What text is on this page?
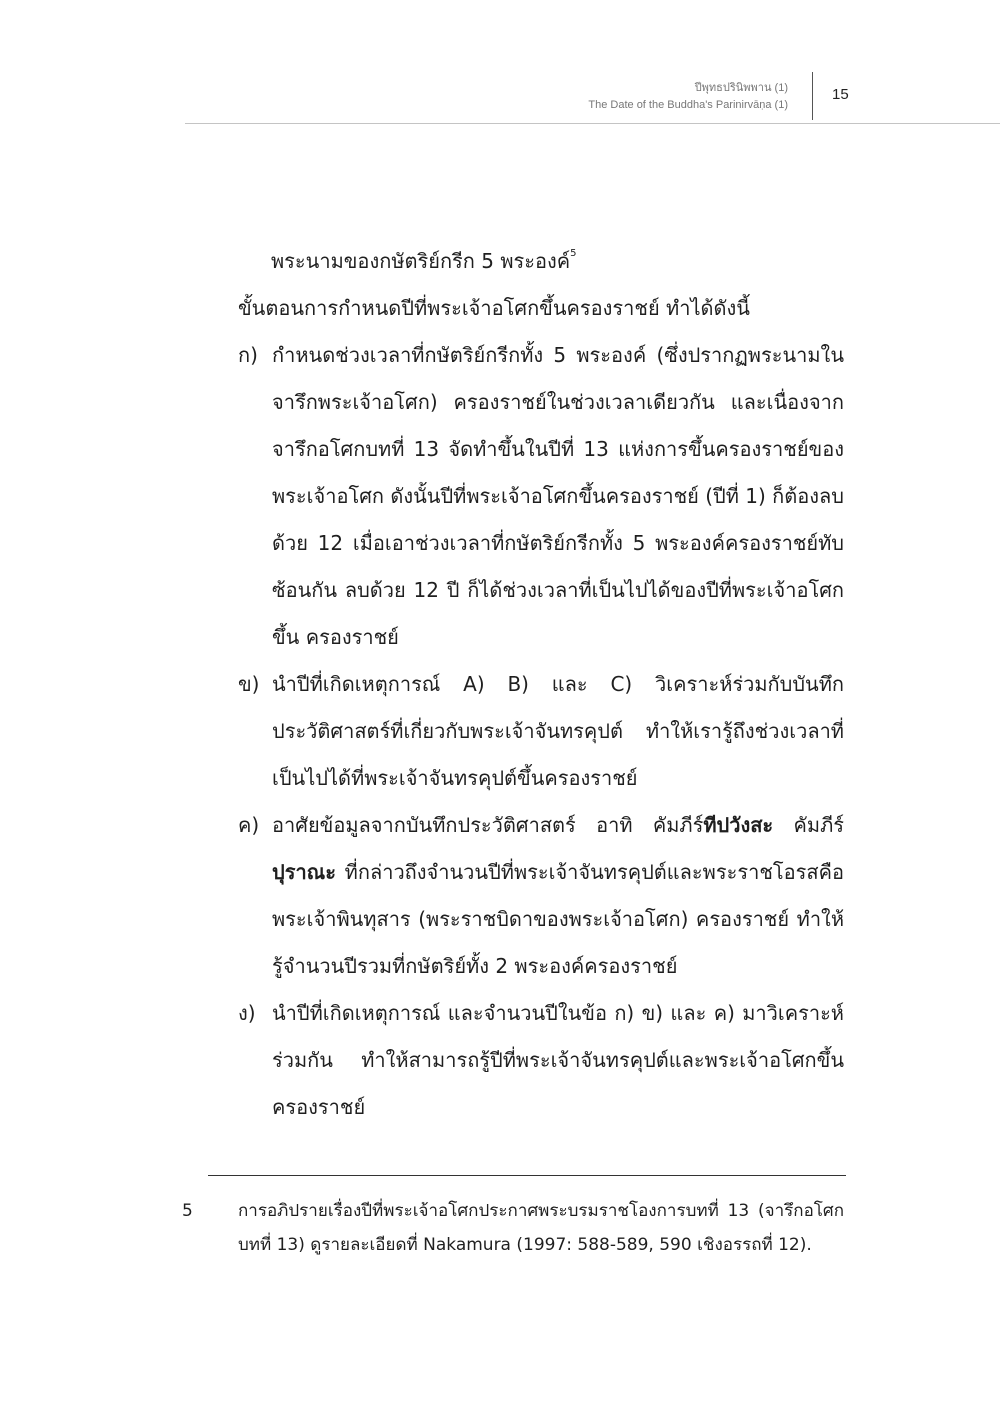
ปีพุทธปรินิพพาน (1)
The Date of the Buddha's Parinirvāṇa (1)
15

พระนามของกษัตริย์กรีก 5 พระองค์$^5$

ขั้นตอนการกำหนดปีที่พระเจ้าอโศกขึ้นครองราชย์ ทำได้ดังนี้

ก) กำหนดช่วงเวลาที่กษัตริย์กรีกทั้ง 5 พระองค์ (ซึ่งปรากฏพระนามในจารึกพระเจ้าอโศก) ครองราชย์ในช่วงเวลาเดียวกัน และเนื่องจากจารึกอโศกบทที่ 13 จัดทำขึ้นในปีที่ 13 แห่งการขึ้นครองราชย์ของพระเจ้าอโศก ดังนั้นปีที่พระเจ้าอโศกขึ้นครองราชย์ (ปีที่ 1) ก็ต้องลบด้วย 12 เมื่อเอาช่วงเวลาที่กษัตริย์กรีกทั้ง 5 พระองค์ครองราชย์ทับซ้อนกัน ลบด้วย 12 ปี ก็ได้ช่วงเวลาที่เป็นไปได้ของปีที่พระเจ้าอโศกขึ้น ครองราชย์
ข) นำปีที่เกิดเหตุการณ์ A) B) และ C) วิเคราะห์ร่วมกับบันทึกประวัติศาสตร์ที่เกี่ยวกับพระเจ้าจันทรคุปต์ ทำให้เรารู้ถึงช่วงเวลาที่เป็นไปได้ที่พระเจ้าจันทรคุปต์ขึ้นครองราชย์
ค) อาศัยข้อมูลจากบันทึกประวัติศาสตร์ อาทิ คัมภีร์ทีปวังสะ คัมภีร์ปุราณะ ที่กล่าวถึงจำนวนปีที่พระเจ้าจันทรคุปต์และพระราชโอรสคือพระเจ้าพินทุสาร (พระราชบิดาของพระเจ้าอโศก) ครองราชย์ ทำให้รู้จำนวนปีรวมที่กษัตริย์ทั้ง 2 พระองค์ครองราชย์
ง) นำปีที่เกิดเหตุการณ์ และจำนวนปีในข้อ ก) ข) และ ค) มาวิเคราะห์ร่วมกัน ทำให้สามารถรู้ปีที่พระเจ้าจันทรคุปต์และพระเจ้าอโศกขึ้นครองราชย์
5	การอภิปรายเรื่องปีที่พระเจ้าอโศกประกาศพระบรมราชโองการบทที่ 13 (จารึกอโศกบทที่ 13) ดูรายละเอียดที่ Nakamura (1997: 588-589, 590 เชิงอรรถที่ 12).
